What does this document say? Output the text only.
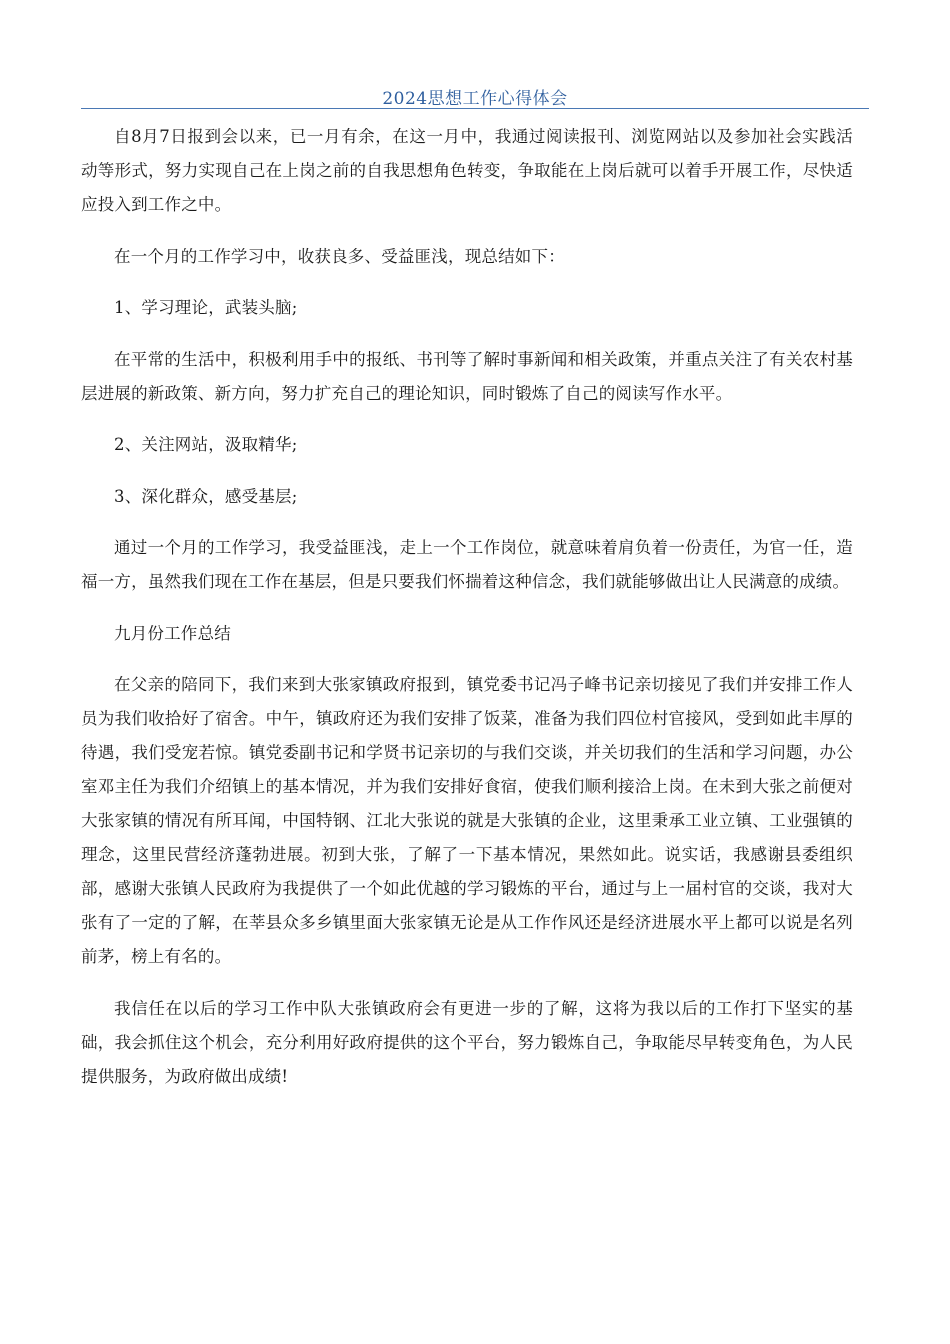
2024思想工作心得体会

自8月7日报到会以来，已一月有余，在这一月中，我通过阅读报刊、浏览网站以及参加社会实践活动等形式，努力实现自己在上岗之前的自我思想角色转变，争取能在上岗后就可以着手开展工作，尽快适应投入到工作之中。

在一个月的工作学习中，收获良多、受益匪浅，现总结如下：

1、学习理论，武装头脑;

在平常的生活中，积极利用手中的报纸、书刊等了解时事新闻和相关政策，并重点关注了有关农村基层进展的新政策、新方向，努力扩充自己的理论知识，同时锻炼了自己的阅读写作水平。

2、关注网站，汲取精华;

3、深化群众，感受基层;

通过一个月的工作学习，我受益匪浅，走上一个工作岗位，就意味着肩负着一份责任，为官一任，造福一方，虽然我们现在工作在基层，但是只要我们怀揣着这种信念，我们就能够做出让人民满意的成绩。

九月份工作总结

在父亲的陪同下，我们来到大张家镇政府报到，镇党委书记冯子峰书记亲切接见了我们并安排工作人员为我们收拾好了宿舍。中午，镇政府还为我们安排了饭菜，准备为我们四位村官接风，受到如此丰厚的待遇，我们受宠若惊。镇党委副书记和学贤书记亲切的与我们交谈，并关切我们的生活和学习问题，办公室邓主任为我们介绍镇上的基本情况，并为我们安排好食宿，使我们顺利接洽上岗。在未到大张之前便对大张家镇的情况有所耳闻，中国特钢、江北大张说的就是大张镇的企业，这里秉承工业立镇、工业强镇的理念，这里民营经济蓬勃进展。初到大张，了解了一下基本情况，果然如此。说实话，我感谢县委组织部，感谢大张镇人民政府为我提供了一个如此优越的学习锻炼的平台，通过与上一届村官的交谈，我对大张有了一定的了解，在莘县众多乡镇里面大张家镇无论是从工作作风还是经济进展水平上都可以说是名列前茅，榜上有名的。

我信任在以后的学习工作中队大张镇政府会有更进一步的了解，这将为我以后的工作打下坚实的基础，我会抓住这个机会，充分利用好政府提供的这个平台，努力锻炼自己，争取能尽早转变角色，为人民提供服务，为政府做出成绩!
